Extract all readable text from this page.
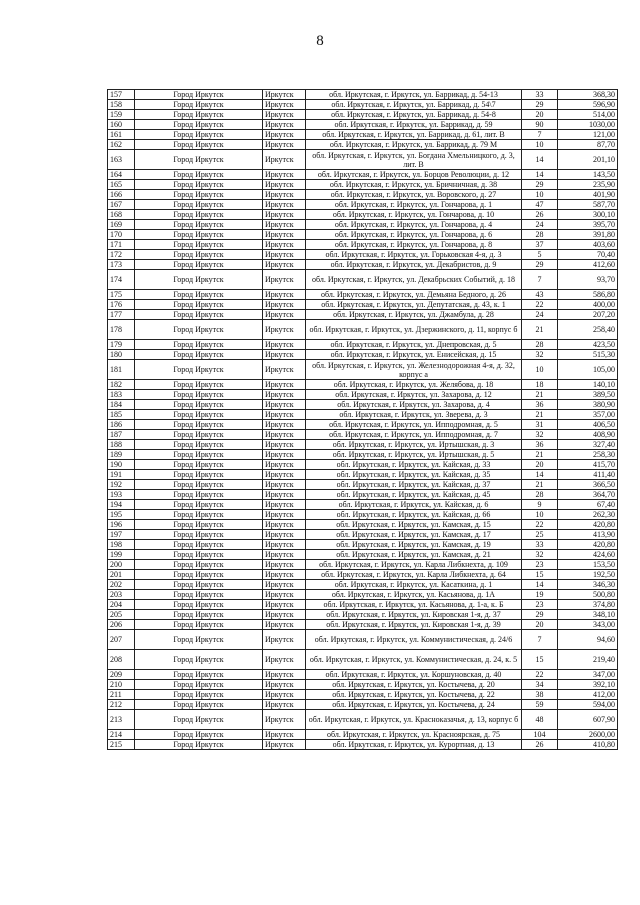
8
157	Город Иркутск	Иркутск	обл. Иркутская, г. Иркутск, ул. Баррикад, д. 54-13	33	368,30
158	Город Иркутск	Иркутск	обл. Иркутская, г. Иркутск, ул. Баррикад, д. 54\7	29	596,90
159	Город Иркутск	Иркутск	обл. Иркутская, г. Иркутск, ул. Баррикад, д. 54-8	20	514,00
160	Город Иркутск	Иркутск	обл. Иркутская, г. Иркутск, ул. Баррикад, д. 59	90	1030,00
161	Город Иркутск	Иркутск	обл. Иркутская, г. Иркутск, ул. Баррикад, д. 61, лит. В	7	121,00
162	Город Иркутск	Иркутск	обл. Иркутская, г. Иркутск, ул. Баррикад, д. 79 М	10	87,70
163	Город Иркутск	Иркутск	обл. Иркутская, г. Иркутск, ул. Богдана Хмельницкого, д. 3, лит. В	14	201,10
164	Город Иркутск	Иркутск	обл. Иркутская, г. Иркутск, ул. Борцов Революции, д. 12	14	143,50
165	Город Иркутск	Иркутск	обл. Иркутская, г. Иркутск, ул. Бричничная, д. 38	29	235,90
166	Город Иркутск	Иркутск	обл. Иркутская, г. Иркутск, ул. Воровского, д. 27	10	401,90
167	Город Иркутск	Иркутск	обл. Иркутская, г. Иркутск, ул. Гончарова, д. 1	47	587,70
168	Город Иркутск	Иркутск	обл. Иркутская, г. Иркутск, ул. Гончарова, д. 10	26	300,10
169	Город Иркутск	Иркутск	обл. Иркутская, г. Иркутск, ул. Гончарова, д. 4	24	395,70
170	Город Иркутск	Иркутск	обл. Иркутская, г. Иркутск, ул. Гончарова, д. 6	28	391,80
171	Город Иркутск	Иркутск	обл. Иркутская, г. Иркутск, ул. Гончарова, д. 8	37	403,60
172	Город Иркутск	Иркутск	обл. Иркутская, г. Иркутск, ул. Горьковская 4-я, д. 3	5	70,40
173	Город Иркутск	Иркутск	обл. Иркутская, г. Иркутск, ул. Декабристов, д. 9	29	412,60
174	Город Иркутск	Иркутск	обл. Иркутская, г. Иркутск, ул. Декабрьских Событий, д. 18	7	93,70
175	Город Иркутск	Иркутск	обл. Иркутская, г. Иркутск, ул. Демьяна Бедного, д. 26	43	586,80
176	Город Иркутск	Иркутск	обл. Иркутская, г. Иркутск, ул. Депутатская, д. 43, к. 1	22	400,00
177	Город Иркутск	Иркутск	обл. Иркутская, г. Иркутск, ул. Джамбула, д. 28	24	207,20
178	Город Иркутск	Иркутск	обл. Иркутская, г. Иркутск, ул. Дзержинского, д. 11, корпус б	21	258,40
179	Город Иркутск	Иркутск	обл. Иркутская, г. Иркутск, ул. Днепровская, д. 5	28	423,50
180	Город Иркутск	Иркутск	обл. Иркутская, г. Иркутск, ул. Енисейская, д. 15	32	515,30
181	Город Иркутск	Иркутск	обл. Иркутская, г. Иркутск, ул. Железнодорожная 4-я, д. 32, корпус а	10	105,00
182	Город Иркутск	Иркутск	обл. Иркутская, г. Иркутск, ул. Желябова, д. 18	18	140,10
183	Город Иркутск	Иркутск	обл. Иркутская, г. Иркутск, ул. Захарова, д. 12	21	389,50
184	Город Иркутск	Иркутск	обл. Иркутская, г. Иркутск, ул. Захарова, д. 4	36	380,90
185	Город Иркутск	Иркутск	обл. Иркутская, г. Иркутск, ул. Зверева, д. 3	21	357,00
186	Город Иркутск	Иркутск	обл. Иркутская, г. Иркутск, ул. Ипподромная, д. 5	31	406,50
187	Город Иркутск	Иркутск	обл. Иркутская, г. Иркутск, ул. Ипподромная, д. 7	32	408,90
188	Город Иркутск	Иркутск	обл. Иркутская, г. Иркутск, ул. Иртышская, д. 3	36	327,40
189	Город Иркутск	Иркутск	обл. Иркутская, г. Иркутск, ул. Иртышская, д. 5	21	258,30
190	Город Иркутск	Иркутск	обл. Иркутская, г. Иркутск, ул. Кайская, д. 33	20	415,70
191	Город Иркутск	Иркутск	обл. Иркутская, г. Иркутск, ул. Кайская, д. 35	14	411,40
192	Город Иркутск	Иркутск	обл. Иркутская, г. Иркутск, ул. Кайская, д. 37	21	366,50
193	Город Иркутск	Иркутск	обл. Иркутская, г. Иркутск, ул. Кайская, д. 45	28	364,70
194	Город Иркутск	Иркутск	обл. Иркутская, г. Иркутск, ул. Кайская, д. 6	9	67,40
195	Город Иркутск	Иркутск	обл. Иркутская, г. Иркутск, ул. Кайская, д. 66	10	262,30
196	Город Иркутск	Иркутск	обл. Иркутская, г. Иркутск, ул. Камская, д. 15	22	420,80
197	Город Иркутск	Иркутск	обл. Иркутская, г. Иркутск, ул. Камская, д. 17	25	413,90
198	Город Иркутск	Иркутск	обл. Иркутская, г. Иркутск, ул. Камская, д. 19	33	420,80
199	Город Иркутск	Иркутск	обл. Иркутская, г. Иркутск, ул. Камская, д. 21	32	424,60
200	Город Иркутск	Иркутск	обл. Иркутская, г. Иркутск, ул. Карла Либкнехта, д. 109	23	153,50
201	Город Иркутск	Иркутск	обл. Иркутская, г. Иркутск, ул. Карла Либкнехта, д. 64	15	192,50
202	Город Иркутск	Иркутск	обл. Иркутская, г. Иркутск, ул. Касаткина, д. 1	14	346,30
203	Город Иркутск	Иркутск	обл. Иркутская, г. Иркутск, ул. Касьянова, д. 1А	19	500,80
204	Город Иркутск	Иркутск	обл. Иркутская, г. Иркутск, ул. Касьянова, д. 1-а, к. Б	23	374,80
205	Город Иркутск	Иркутск	обл. Иркутская, г. Иркутск, ул. Кировская 1-я, д. 37	29	348,10
206	Город Иркутск	Иркутск	обл. Иркутская, г. Иркутск, ул. Кировская 1-я, д. 39	20	343,00
207	Город Иркутск	Иркутск	обл. Иркутская, г. Иркутск, ул. Коммунистическая, д. 24/6	7	94,60
208	Город Иркутск	Иркутск	обл. Иркутская, г. Иркутск, ул. Коммунистическая, д. 24, к. 5	15	219,40
209	Город Иркутск	Иркутск	обл. Иркутская, г. Иркутск, ул. Коршуновская, д. 40	22	347,00
210	Город Иркутск	Иркутск	обл. Иркутская, г. Иркутск, ул. Костычева, д. 20	34	392,10
211	Город Иркутск	Иркутск	обл. Иркутская, г. Иркутск, ул. Костычева, д. 22	38	412,00
212	Город Иркутск	Иркутск	обл. Иркутская, г. Иркутск, ул. Костычева, д. 24	59	594,00
213	Город Иркутск	Иркутск	обл. Иркутская, г. Иркутск, ул. Красноказачья, д. 13, корпус б	48	607,90
214	Город Иркутск	Иркутск	обл. Иркутская, г. Иркутск, ул. Красноярская, д. 75	104	2600,00
215	Город Иркутск	Иркутск	обл. Иркутская, г. Иркутск, ул. Курортная, д. 13	26	410,80
